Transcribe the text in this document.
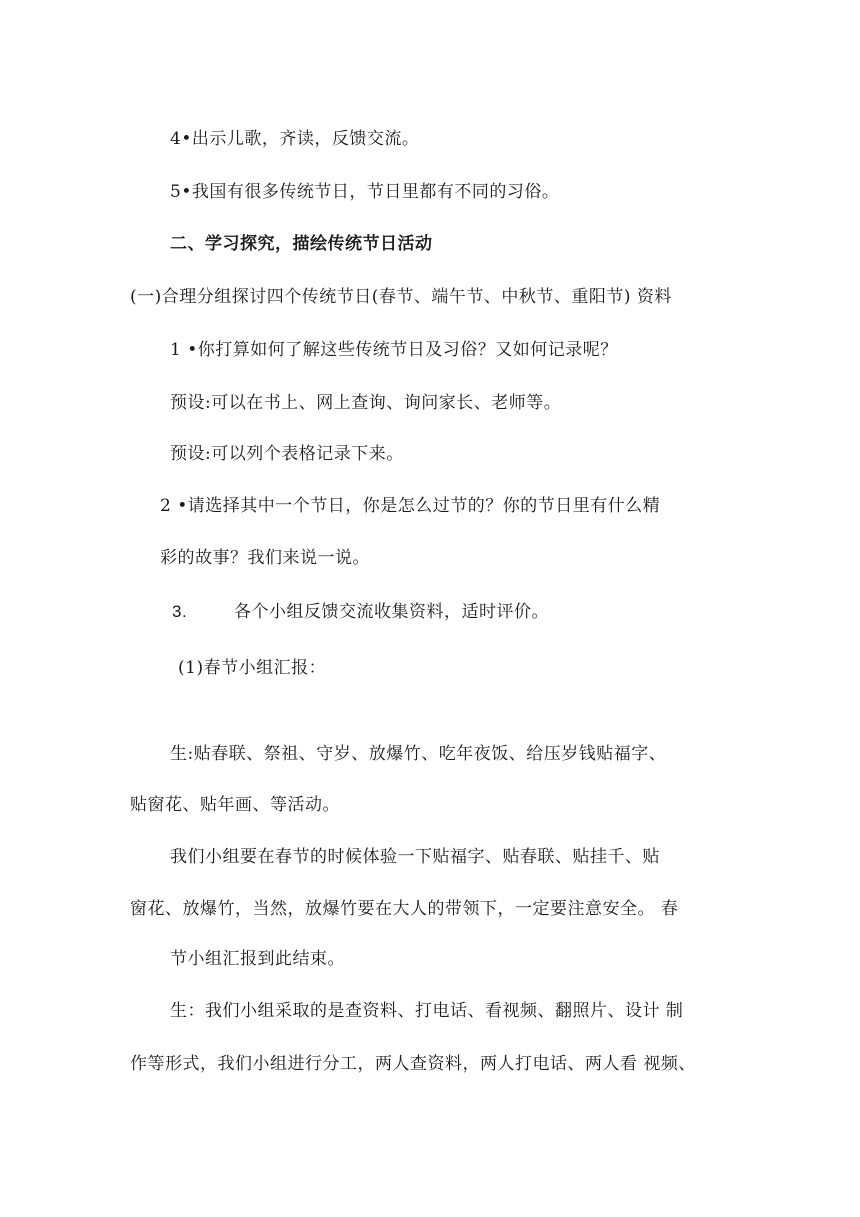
4•出示儿歌，齐读，反馈交流。
5•我国有很多传统节日，节日里都有不同的习俗。
二、学习探究，描绘传统节日活动
(一)合理分组探讨四个传统节日(春节、端午节、中秋节、重阳节) 资料
1 •你打算如何了解这些传统节日及习俗？又如何记录呢？
预设:可以在书上、网上查询、询问家长、老师等。
预设:可以列个表格记录下来。
2 •请选择其中一个节日，你是怎么过节的？你的节日里有什么精
彩的故事？我们来说一说。
3.	各个小组反馈交流收集资料，适时评价。
(1)春节小组汇报：
生:贴春联、祭祖、守岁、放爆竹、吃年夜饭、给压岁钱贴福字、
贴窗花、贴年画、等活动。
我们小组要在春节的时候体验一下贴福字、贴春联、贴挂千、贴
窗花、放爆竹，当然，放爆竹要在大人的带领下，一定要注意安全。 春
节小组汇报到此结束。
生：我们小组采取的是查资料、打电话、看视频、翻照片、设计 制
作等形式，我们小组进行分工，两人查资料，两人打电话、两人看 视频、
